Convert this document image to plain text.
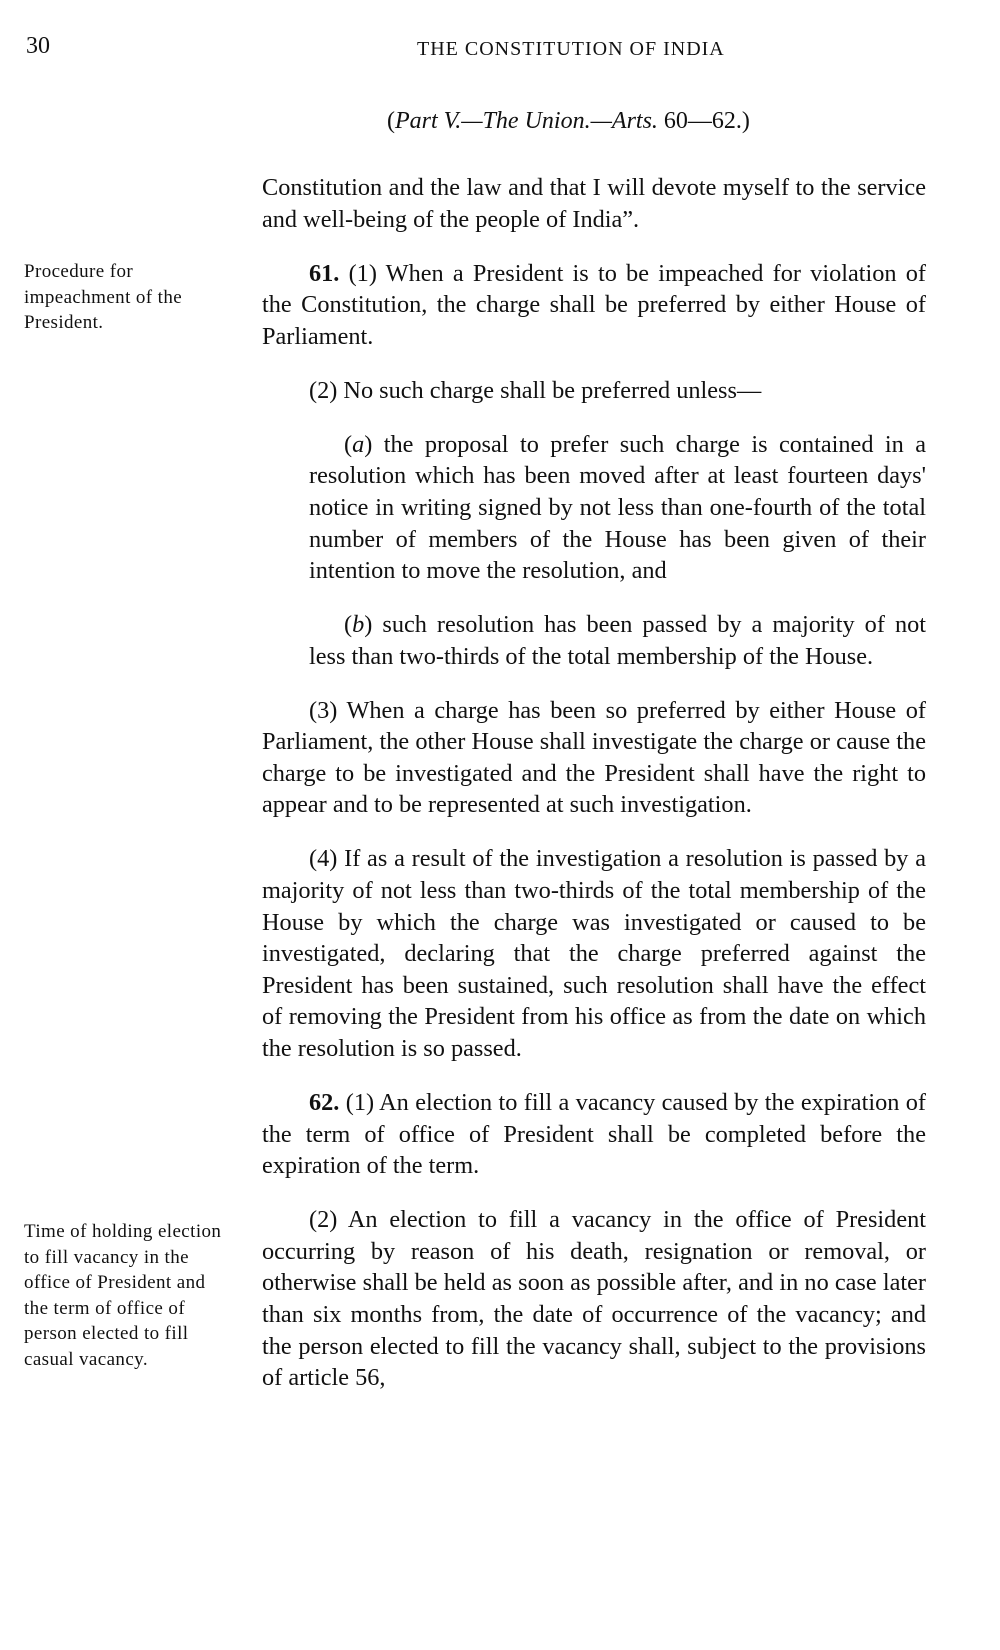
30	THE CONSTITUTION OF INDIA
(Part V.—The Union.—Arts. 60—62.)
Procedure for impeachment of the President.
Time of holding election to fill vacancy in the office of President and the term of office of person elected to fill casual vacancy.

Constitution and the law and that I will devote myself to the service and well-being of the people of India”.

61. (1) When a President is to be impeached for violation of the Constitution, the charge shall be preferred by either House of Parliament.

(2) No such charge shall be preferred unless—

(a) the proposal to prefer such charge is contained in a resolution which has been moved after at least fourteen days' notice in writing signed by not less than one-fourth of the total number of members of the House has been given of their intention to move the resolution, and

(b) such resolution has been passed by a majority of not less than two-thirds of the total membership of the House.

(3) When a charge has been so preferred by either House of Parliament, the other House shall investigate the charge or cause the charge to be investigated and the President shall have the right to appear and to be represented at such investigation.

(4) If as a result of the investigation a resolution is passed by a majority of not less than two-thirds of the total membership of the House by which the charge was investigated or caused to be investigated, declaring that the charge preferred against the President has been sustained, such resolution shall have the effect of removing the President from his office as from the date on which the resolution is so passed.

62. (1) An election to fill a vacancy caused by the expiration of the term of office of President shall be completed before the expiration of the term.

(2) An election to fill a vacancy in the office of President occurring by reason of his death, resignation or removal, or otherwise shall be held as soon as possible after, and in no case later than six months from, the date of occurrence of the vacancy; and the person elected to fill the vacancy shall, subject to the provisions of article 56,
